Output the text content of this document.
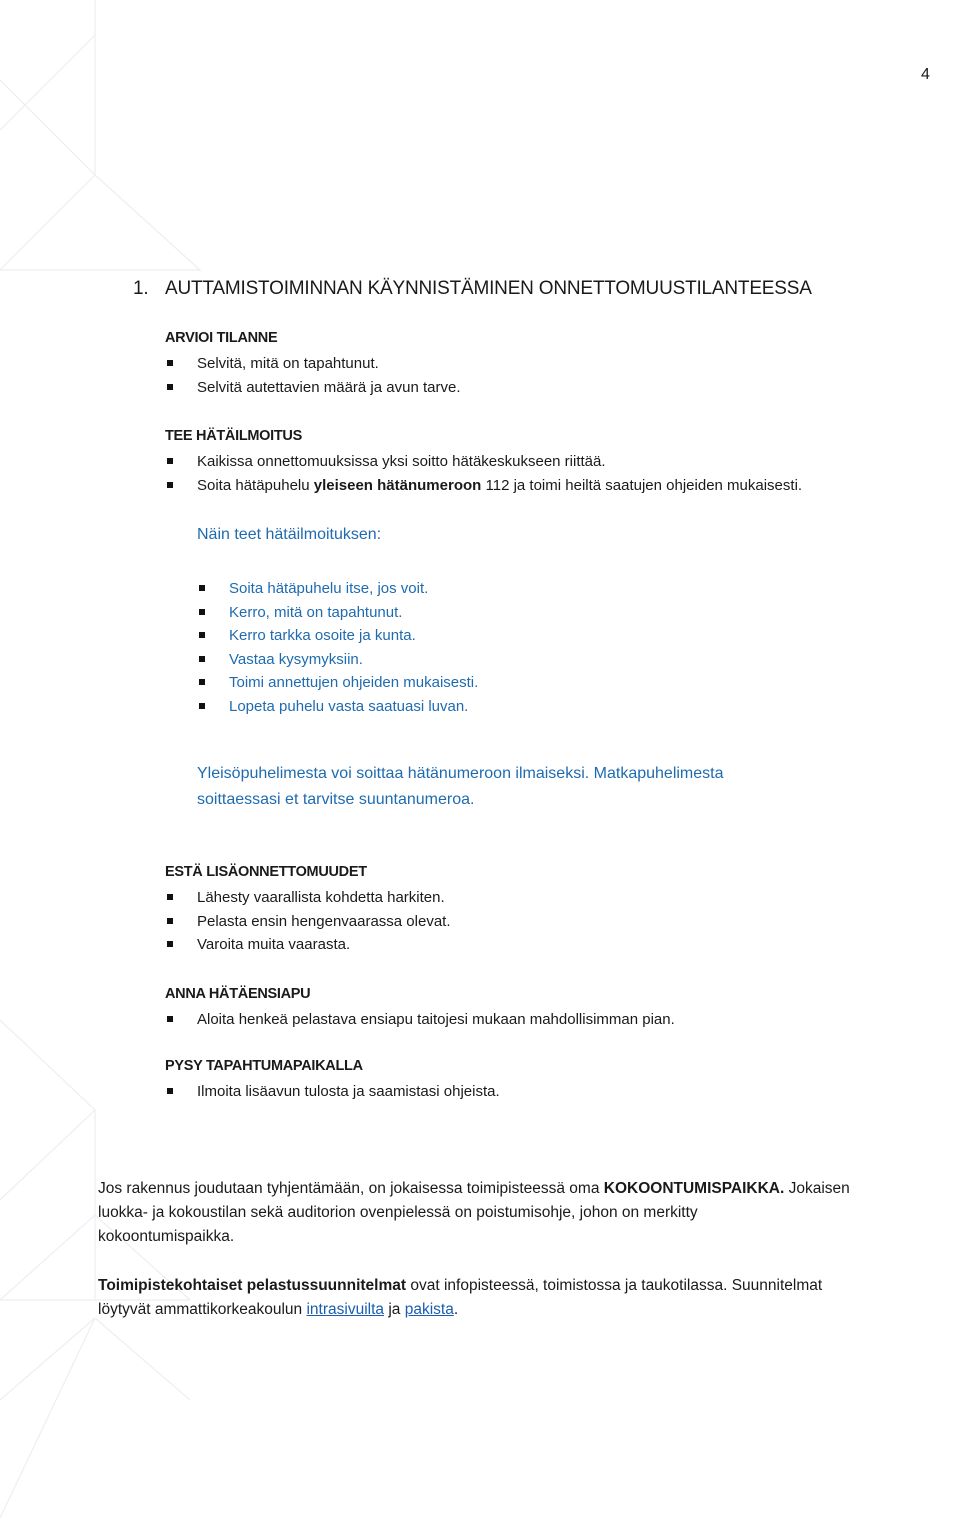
4
1. AUTTAMISTOIMINNAN KÄYNNISTÄMINEN ONNETTOMUUSTILANTEESSA
ARVIOI TILANNE
Selvitä, mitä on tapahtunut.
Selvitä autettavien määrä ja avun tarve.
TEE HÄTÄILMOITUS
Kaikissa onnettomuuksissa yksi soitto hätäkeskukseen riittää.
Soita hätäpuhelu yleiseen hätänumeroon 112 ja toimi heiltä saatujen ohjeiden mukaisesti.
Näin teet hätäilmoituksen:
Soita hätäpuhelu itse, jos voit.
Kerro, mitä on tapahtunut.
Kerro tarkka osoite ja kunta.
Vastaa kysymyksiin.
Toimi annettujen ohjeiden mukaisesti.
Lopeta puhelu vasta saatuasi luvan.
Yleisöpuhelimesta voi soittaa hätänumeroon ilmaiseksi. Matkapuhelimesta
soittaessasi et tarvitse suuntanumeroa.
ESTÄ LISÄONNETTOMUUDET
Lähesty vaarallista kohdetta harkiten.
Pelasta ensin hengenvaarassa olevat.
Varoita muita vaarasta.
ANNA HÄTÄENSIAPU
Aloita henkeä pelastava ensiapu taitojesi mukaan mahdollisimman pian.
PYSY TAPAHTUMAPAIKALLA
Ilmoita lisäavun tulosta ja saamistasi ohjeista.
Jos rakennus joudutaan tyhjentämään, on jokaisessa toimipisteessä oma KOKOONTUMISPAIKKA. Jokaisen
luokka- ja kokoustilan sekä auditorion ovenpielessä on poistumisohje, johon on merkitty
kokoontumispaikka.
Toimipistekohtaiset pelastussuunnitelmat ovat infopisteessä, toimistossa ja taukotilassa. Suunnitelmat
löytyvät ammattikorkeakoulun intrasivuilta ja pakista.
